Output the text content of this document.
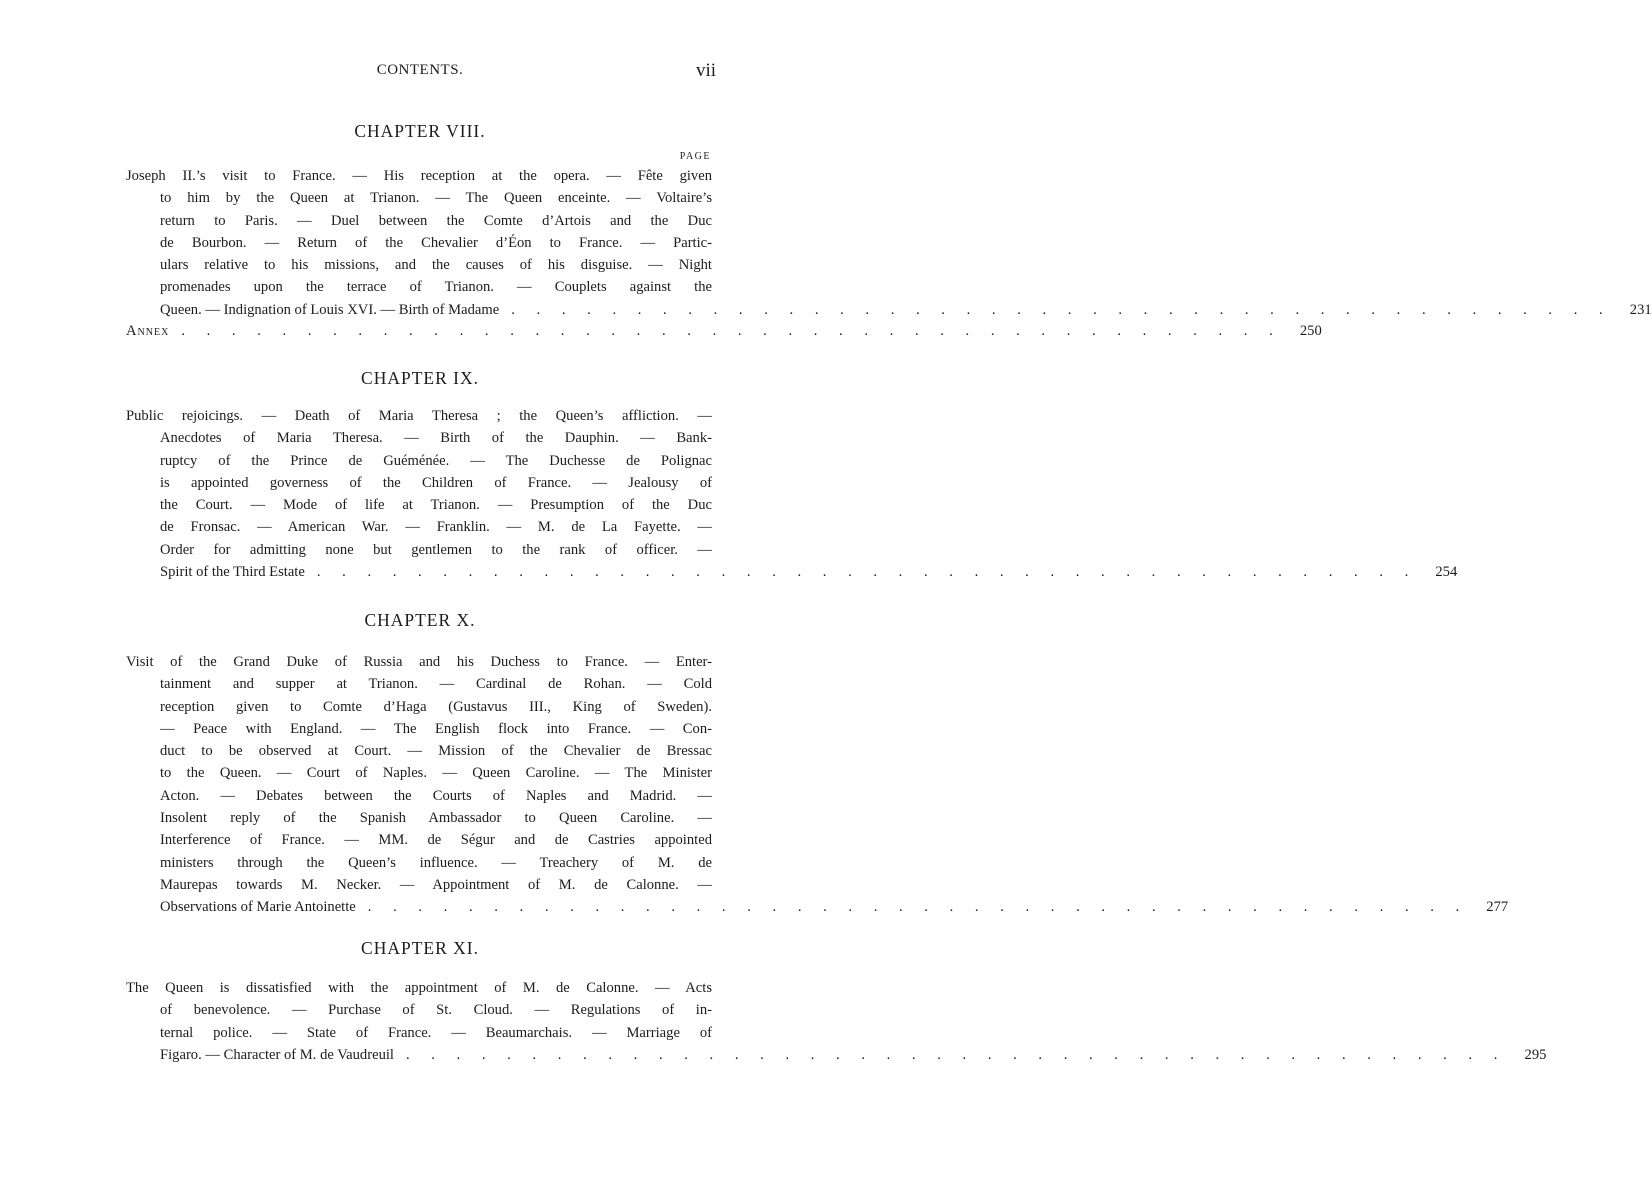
CONTENTS.	vii
CHAPTER VIII.
PAGE
Joseph II.’s visit to France. — His reception at the opera. — Fête given
to him by the Queen at Trianon. — The Queen enceinte. — Voltaire’s
return to Paris. — Duel between the Comte d’Artois and the Duc
de Bourbon. — Return of the Chevalier d’Éon to France. — Partic-
ulars relative to his missions, and the causes of his disguise. — Night
promenades upon the terrace of Trianon. — Couplets against the
Queen. — Indignation of Louis XVI. — Birth of Madame . . . . . . . . . . . . . . . . . . . . . . . . . . . . . . . . . . . . . . . . . . . . 231
Annex . . . . . . . . . . . . . . . . . . . . . . . . . . . . . . . . . . . . . . . . . . . . 250
CHAPTER IX.
Public rejoicings. — Death of Maria Theresa ; the Queen’s affliction. —
Anecdotes of Maria Theresa. — Birth of the Dauphin. — Bank-
ruptcy of the Prince de Guéménée. — The Duchesse de Polignac
is appointed governess of the Children of France. — Jealousy of
the Court. — Mode of life at Trianon. — Presumption of the Duc
de Fronsac. — American War. — Franklin. — M. de La Fayette. —
Order for admitting none but gentlemen to the rank of officer. —
Spirit of the Third Estate . . . . . . . . . . . . . . . . . . . . . . . . . . . . . . . . . . . . . . . . . . . . 254
CHAPTER X.
Visit of the Grand Duke of Russia and his Duchess to France. — Enter-
tainment and supper at Trianon. — Cardinal de Rohan. — Cold
reception given to Comte d’Haga (Gustavus III., King of Sweden).
— Peace with England. — The English flock into France. — Con-
duct to be observed at Court. — Mission of the Chevalier de Bressac
to the Queen. — Court of Naples. — Queen Caroline. — The Minister
Acton. — Debates between the Courts of Naples and Madrid. —
Insolent reply of the Spanish Ambassador to Queen Caroline. —
Interference of France. — MM. de Ségur and de Castries appointed
ministers through the Queen’s influence. — Treachery of M. de
Maurepas towards M. Necker. — Appointment of M. de Calonne. —
Observations of Marie Antoinette . . . . . . . . . . . . . . . . . . . . . . . . . . . . . . . . . . . . . . . . . . . . 277
CHAPTER XI.
The Queen is dissatisfied with the appointment of M. de Calonne. — Acts
of benevolence. — Purchase of St. Cloud. — Regulations of in-
ternal police. — State of France. — Beaumarchais. — Marriage of
Figaro. — Character of M. de Vaudreuil . . . . . . . . . . . . . . . . . . . . . . . . . . . . . . . . . . . . . . . . . . . . 295
